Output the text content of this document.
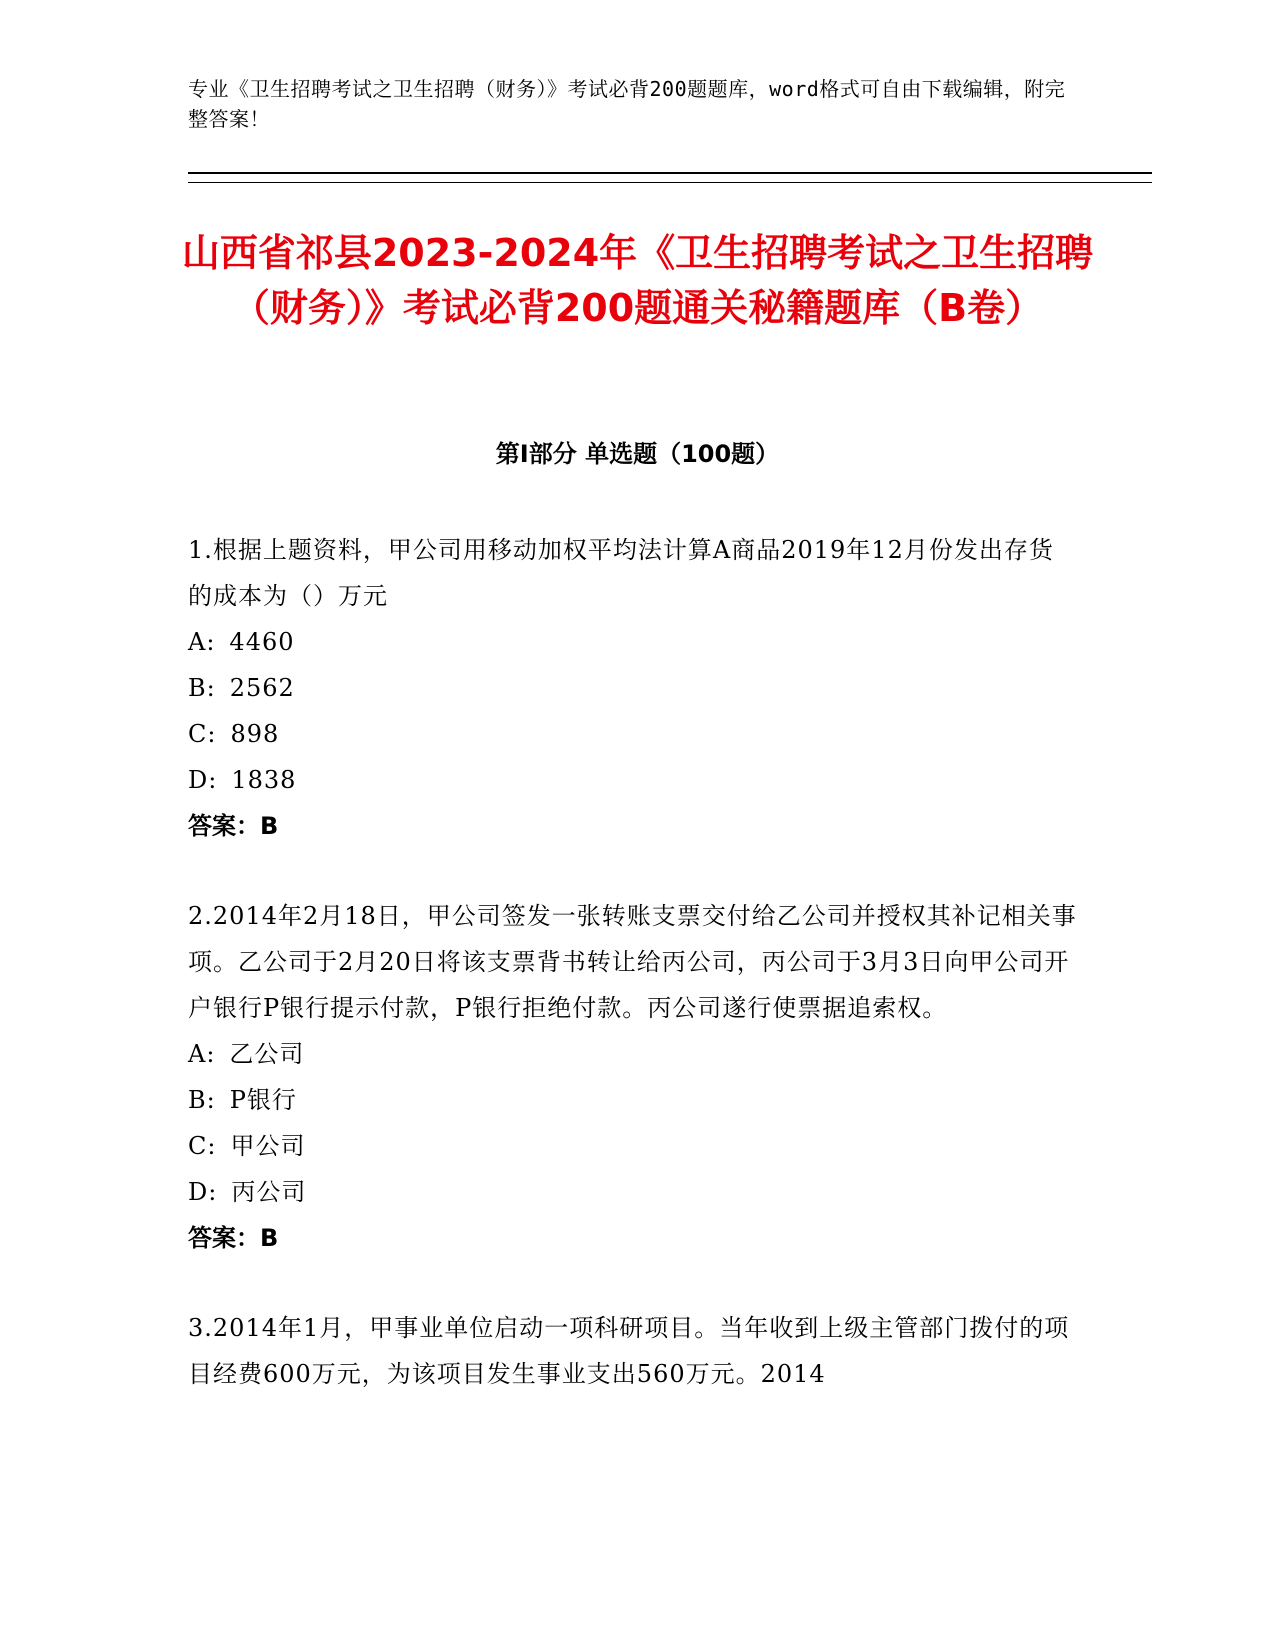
专业《卫生招聘考试之卫生招聘（财务）》考试必背200题题库，word格式可自由下载编辑，附完整答案！
山西省祁县2023-2024年《卫生招聘考试之卫生招聘（财务）》考试必背200题通关秘籍题库（B卷）
第Ⅰ部分 单选题（100题）
1.根据上题资料，甲公司用移动加权平均法计算A商品2019年12月份发出存货的成本为（）万元
A: 4460
B: 2562
C: 898
D: 1838
答案：B
2.2014年2月18日，甲公司签发一张转账支票交付给乙公司并授权其补记相关事项。乙公司于2月20日将该支票背书转让给丙公司，丙公司于3月3日向甲公司开户银行P银行提示付款，P银行拒绝付款。丙公司遂行使票据追索权。
A: 乙公司
B: P银行
C: 甲公司
D: 丙公司
答案：B
3.2014年1月，甲事业单位启动一项科研项目。当年收到上级主管部门拨付的项目经费600万元，为该项目发生事业支出560万元。2014
